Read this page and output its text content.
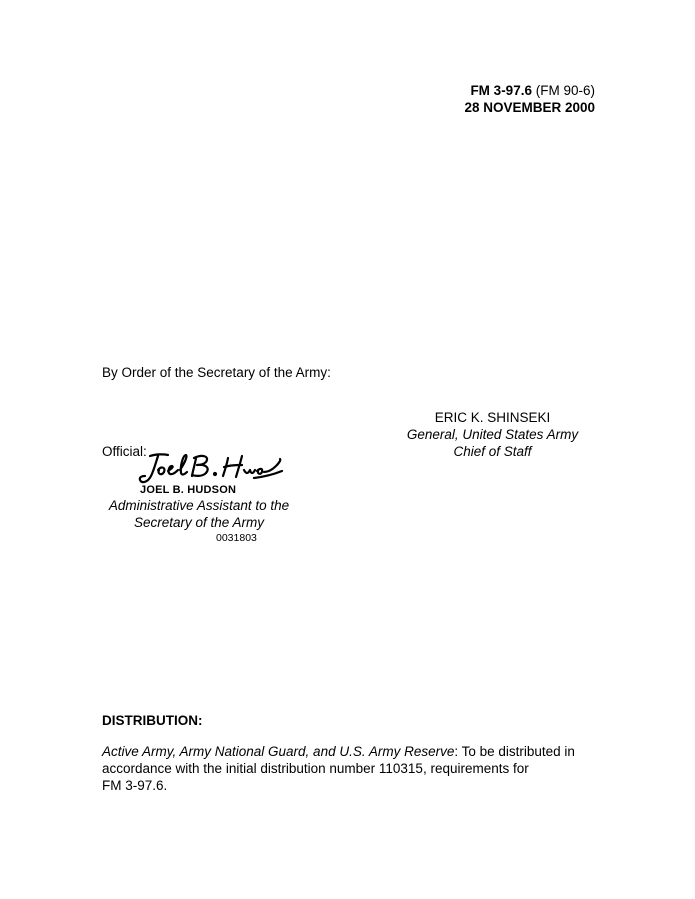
FM 3-97.6 (FM 90-6)
28 NOVEMBER 2000
By Order of the Secretary of the Army:
ERIC K. SHINSEKI
General, United States Army
Chief of Staff
Official:
JOEL B. HUDSON
Administrative Assistant to the
Secretary of the Army
0031803
DISTRIBUTION:
Active Army, Army National Guard, and U.S. Army Reserve: To be distributed in
accordance with the initial distribution number 110315, requirements for
FM 3-97.6.
